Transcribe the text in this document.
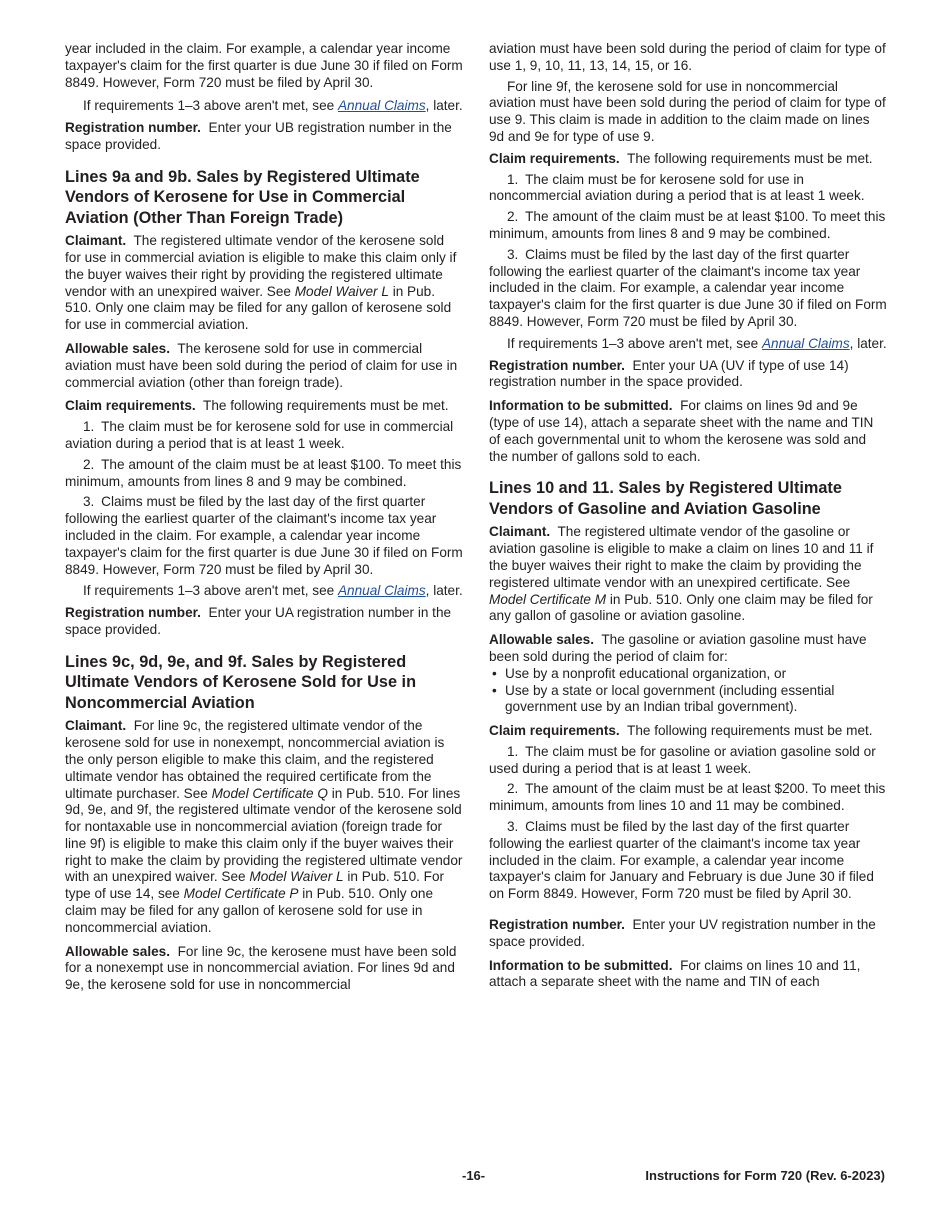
year included in the claim. For example, a calendar year income taxpayer's claim for the first quarter is due June 30 if filed on Form 8849. However, Form 720 must be filed by April 30.

If requirements 1–3 above aren't met, see Annual Claims, later.

Registration number. Enter your UB registration number in the space provided.

Lines 9a and 9b. Sales by Registered Ultimate Vendors of Kerosene for Use in Commercial Aviation (Other Than Foreign Trade)

Claimant. The registered ultimate vendor of the kerosene sold for use in commercial aviation is eligible to make this claim only if the buyer waives their right by providing the registered ultimate vendor with an unexpired waiver. See Model Waiver L in Pub. 510. Only one claim may be filed for any gallon of kerosene sold for use in commercial aviation.

Allowable sales. The kerosene sold for use in commercial aviation must have been sold during the period of claim for use in commercial aviation (other than foreign trade).

Claim requirements. The following requirements must be met.

1. The claim must be for kerosene sold for use in commercial aviation during a period that is at least 1 week.

2. The amount of the claim must be at least $100. To meet this minimum, amounts from lines 8 and 9 may be combined.

3. Claims must be filed by the last day of the first quarter following the earliest quarter of the claimant's income tax year included in the claim. For example, a calendar year income taxpayer's claim for the first quarter is due June 30 if filed on Form 8849. However, Form 720 must be filed by April 30.

If requirements 1–3 above aren't met, see Annual Claims, later.

Registration number. Enter your UA registration number in the space provided.

Lines 9c, 9d, 9e, and 9f. Sales by Registered Ultimate Vendors of Kerosene Sold for Use in Noncommercial Aviation

Claimant. For line 9c, the registered ultimate vendor of the kerosene sold for use in nonexempt, noncommercial aviation is the only person eligible to make this claim, and the registered ultimate vendor has obtained the required certificate from the ultimate purchaser. See Model Certificate Q in Pub. 510. For lines 9d, 9e, and 9f, the registered ultimate vendor of the kerosene sold for nontaxable use in noncommercial aviation (foreign trade for line 9f) is eligible to make this claim only if the buyer waives their right to make the claim by providing the registered ultimate vendor with an unexpired waiver. See Model Waiver L in Pub. 510. For type of use 14, see Model Certificate P in Pub. 510. Only one claim may be filed for any gallon of kerosene sold for use in noncommercial aviation.

Allowable sales. For line 9c, the kerosene must have been sold for a nonexempt use in noncommercial aviation. For lines 9d and 9e, the kerosene sold for use in noncommercial

aviation must have been sold during the period of claim for type of use 1, 9, 10, 11, 13, 14, 15, or 16.

For line 9f, the kerosene sold for use in noncommercial aviation must have been sold during the period of claim for type of use 9. This claim is made in addition to the claim made on lines 9d and 9e for type of use 9.

Claim requirements. The following requirements must be met.

1. The claim must be for kerosene sold for use in noncommercial aviation during a period that is at least 1 week.

2. The amount of the claim must be at least $100. To meet this minimum, amounts from lines 8 and 9 may be combined.

3. Claims must be filed by the last day of the first quarter following the earliest quarter of the claimant's income tax year included in the claim. For example, a calendar year income taxpayer's claim for the first quarter is due June 30 if filed on Form 8849. However, Form 720 must be filed by April 30.

If requirements 1–3 above aren't met, see Annual Claims, later.

Registration number. Enter your UA (UV if type of use 14) registration number in the space provided.

Information to be submitted. For claims on lines 9d and 9e (type of use 14), attach a separate sheet with the name and TIN of each governmental unit to whom the kerosene was sold and the number of gallons sold to each.

Lines 10 and 11. Sales by Registered Ultimate Vendors of Gasoline and Aviation Gasoline

Claimant. The registered ultimate vendor of the gasoline or aviation gasoline is eligible to make a claim on lines 10 and 11 if the buyer waives their right to make the claim by providing the registered ultimate vendor with an unexpired certificate. See Model Certificate M in Pub. 510. Only one claim may be filed for any gallon of gasoline or aviation gasoline.

Allowable sales. The gasoline or aviation gasoline must have been sold during the period of claim for:

• Use by a nonprofit educational organization, or
• Use by a state or local government (including essential government use by an Indian tribal government).

Claim requirements. The following requirements must be met.

1. The claim must be for gasoline or aviation gasoline sold or used during a period that is at least 1 week.

2. The amount of the claim must be at least $200. To meet this minimum, amounts from lines 10 and 11 may be combined.

3. Claims must be filed by the last day of the first quarter following the earliest quarter of the claimant's income tax year included in the claim. For example, a calendar year income taxpayer's claim for January and February is due June 30 if filed on Form 8849. However, Form 720 must be filed by April 30.

Registration number. Enter your UV registration number in the space provided.

Information to be submitted. For claims on lines 10 and 11, attach a separate sheet with the name and TIN of each

-16-	Instructions for Form 720 (Rev. 6-2023)
